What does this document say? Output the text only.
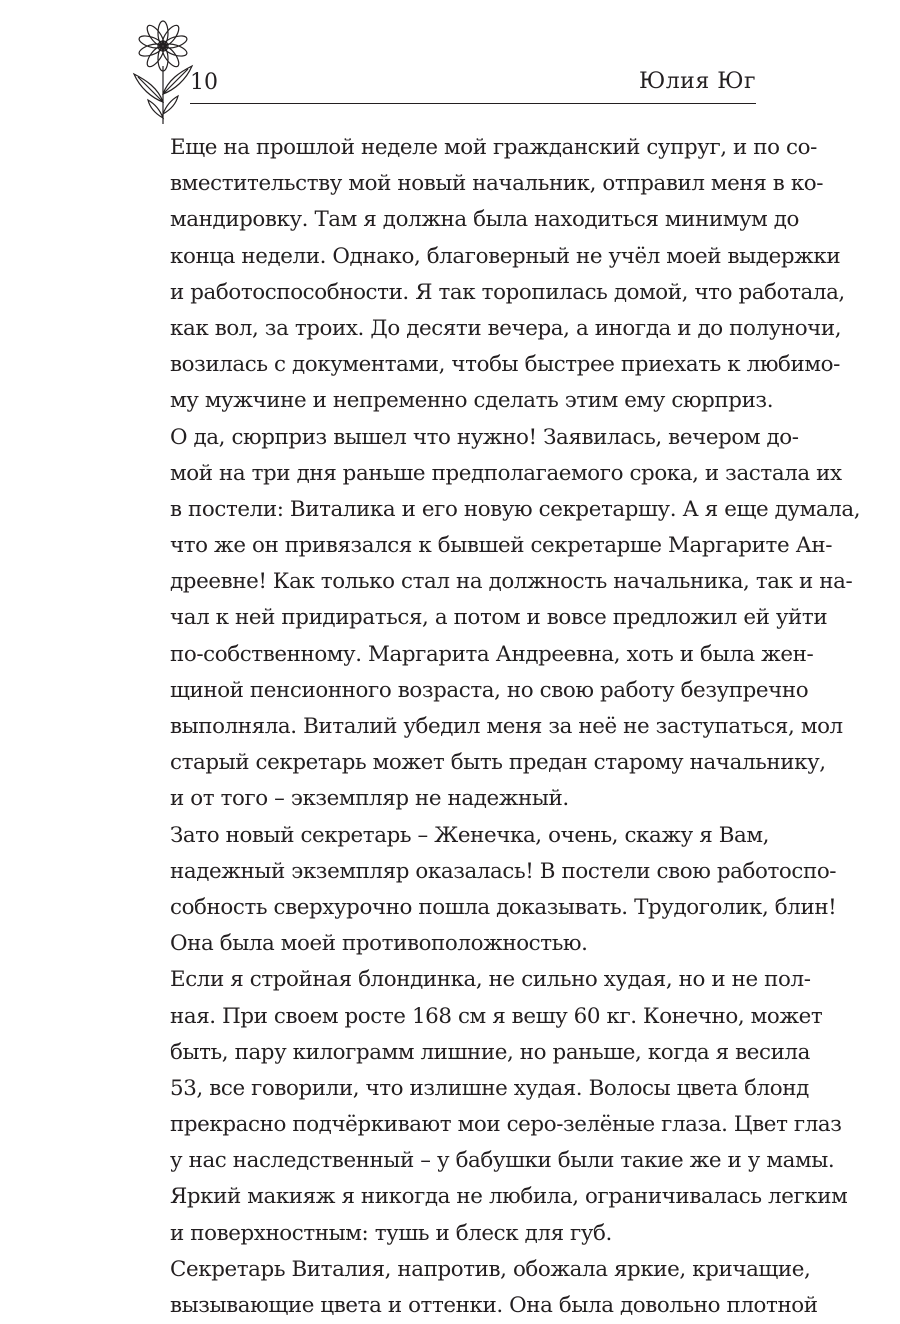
10	Юлия Юг
Еще на прошлой неделе мой гражданский супруг, и по со-
вместительству мой новый начальник, отправил меня в ко-
мандировку. Там я должна была находиться минимум до
конца недели. Однако, благоверный не учёл моей выдержки
и работоспособности. Я так торопилась домой, что работала,
как вол, за троих. До десяти вечера, а иногда и до полуночи,
возилась с документами, чтобы быстрее приехать к любимо-
му мужчине и непременно сделать этим ему сюрприз.
О да, сюрприз вышел что нужно! Заявилась, вечером до-
мой на три дня раньше предполагаемого срока, и застала их
в постели: Виталика и его новую секретаршу. А я еще думала,
что же он привязался к бывшей секретарше Маргарите Ан-
дреевне! Как только стал на должность начальника, так и на-
чал к ней придираться, а потом и вовсе предложил ей уйти
по-собственному. Маргарита Андреевна, хоть и была жен-
щиной пенсионного возраста, но свою работу безупречно
выполняла. Виталий убедил меня за неё не заступаться, мол
старый секретарь может быть предан старому начальнику,
и от того – экземпляр не надежный.
Зато новый секретарь – Женечка, очень, скажу я Вам,
надежный экземпляр оказалась! В постели свою работоспо-
собность сверхурочно пошла доказывать. Трудоголик, блин!
Она была моей противоположностью.
Если я стройная блондинка, не сильно худая, но и не пол-
ная. При своем росте 168 см я вешу 60 кг. Конечно, может
быть, пару килограмм лишние, но раньше, когда я весила
53, все говорили, что излишне худая. Волосы цвета блонд
прекрасно подчёркивают мои серо-зелёные глаза. Цвет глаз
у нас наследственный – у бабушки были такие же и у мамы.
Яркий макияж я никогда не любила, ограничивалась легким
и поверхностным: тушь и блеск для губ.
Секретарь Виталия, напротив, обожала яркие, кричащие,
вызывающие цвета и оттенки. Она была довольно плотной
